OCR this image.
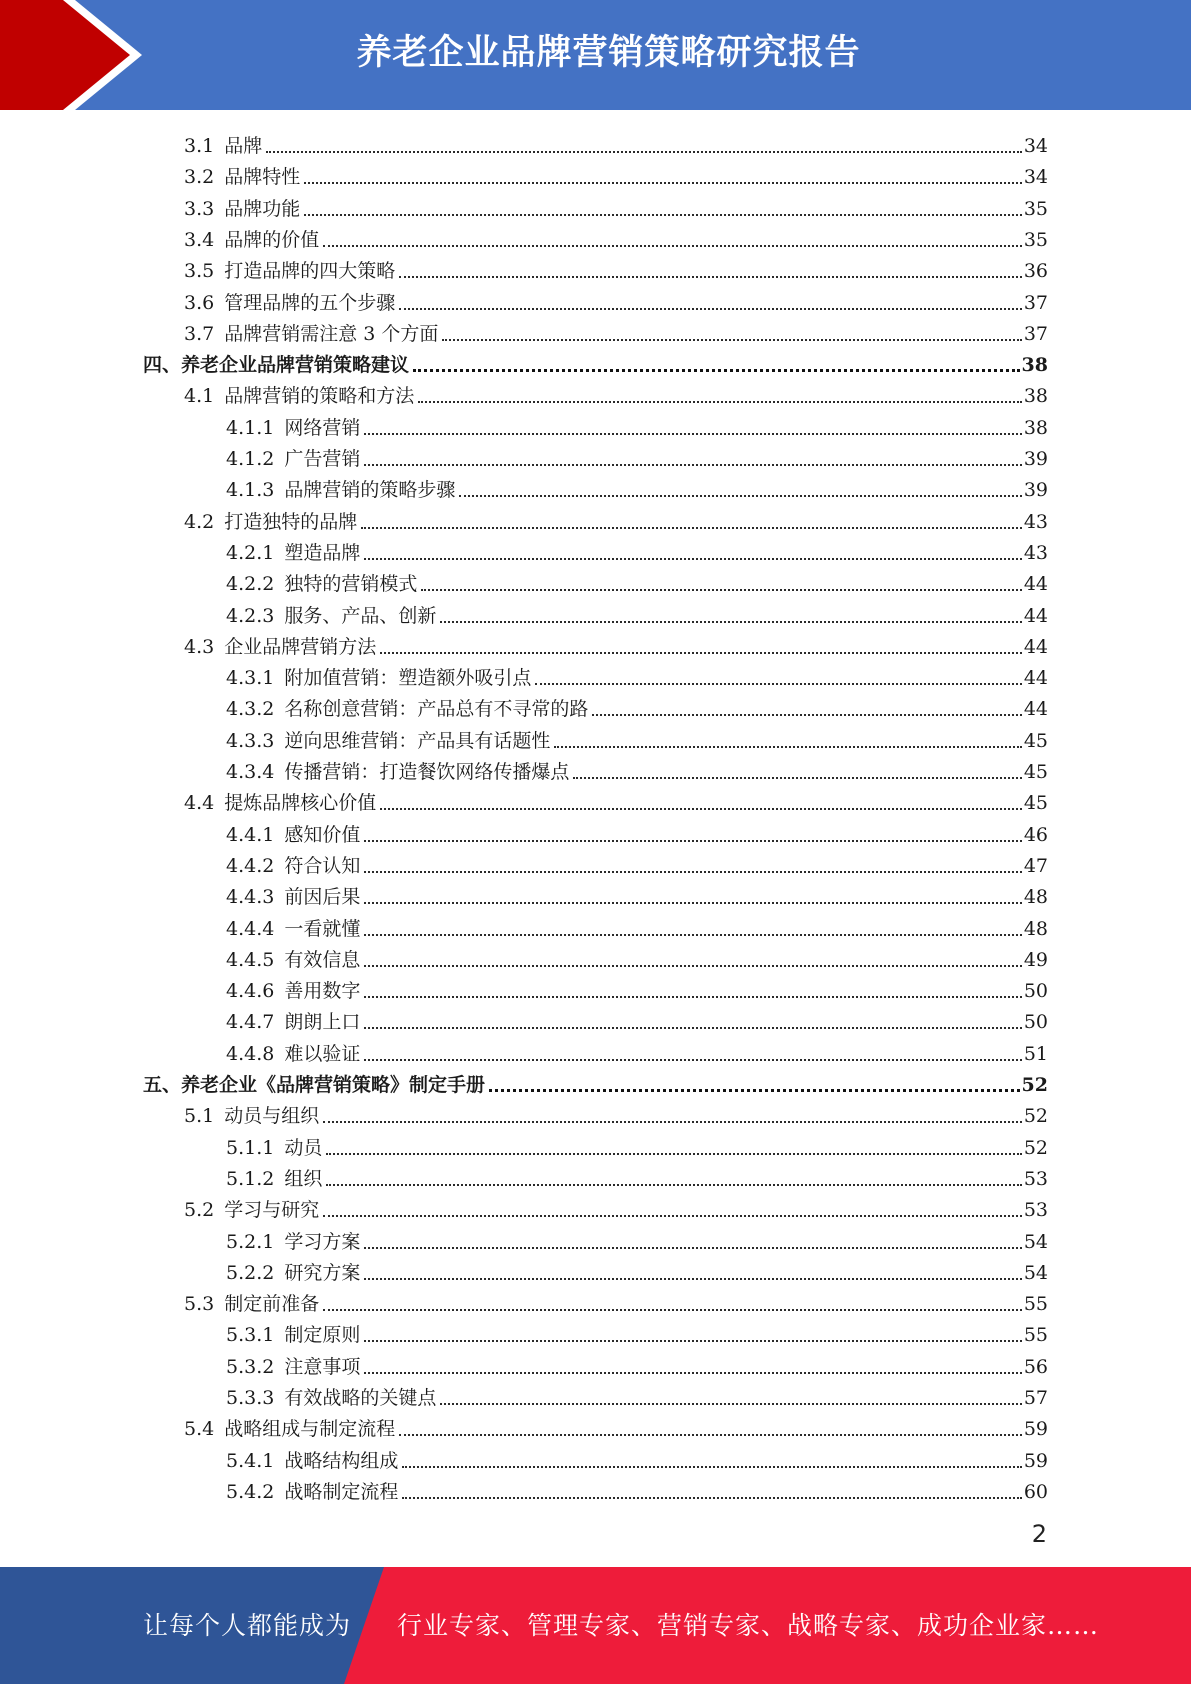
养老企业品牌营销策略研究报告
3.1 品牌	34
3.2 品牌特性	34
3.3 品牌功能	35
3.4 品牌的价值	35
3.5 打造品牌的四大策略	36
3.6 管理品牌的五个步骤	37
3.7 品牌营销需注意 3 个方面	37
四、养老企业品牌营销策略建议	38
4.1 品牌营销的策略和方法	38
4.1.1 网络营销	38
4.1.2 广告营销	39
4.1.3 品牌营销的策略步骤	39
4.2 打造独特的品牌	43
4.2.1 塑造品牌	43
4.2.2 独特的营销模式	44
4.2.3 服务、产品、创新	44
4.3 企业品牌营销方法	44
4.3.1 附加值营销：塑造额外吸引点	44
4.3.2 名称创意营销：产品总有不寻常的路	44
4.3.3 逆向思维营销：产品具有话题性	45
4.3.4 传播营销：打造餐饮网络传播爆点	45
4.4 提炼品牌核心价值	45
4.4.1 感知价值	46
4.4.2 符合认知	47
4.4.3 前因后果	48
4.4.4 一看就懂	48
4.4.5 有效信息	49
4.4.6 善用数字	50
4.4.7 朗朗上口	50
4.4.8 难以验证	51
五、养老企业《品牌营销策略》制定手册	52
5.1 动员与组织	52
5.1.1 动员	52
5.1.2 组织	53
5.2 学习与研究	53
5.2.1 学习方案	54
5.2.2 研究方案	54
5.3 制定前准备	55
5.3.1 制定原则	55
5.3.2 注意事项	56
5.3.3 有效战略的关键点	57
5.4 战略组成与制定流程	59
5.4.1 战略结构组成	59
5.4.2 战略制定流程	60
2
让每个人都能成为 行业专家、管理专家、营销专家、战略专家、成功企业家……
